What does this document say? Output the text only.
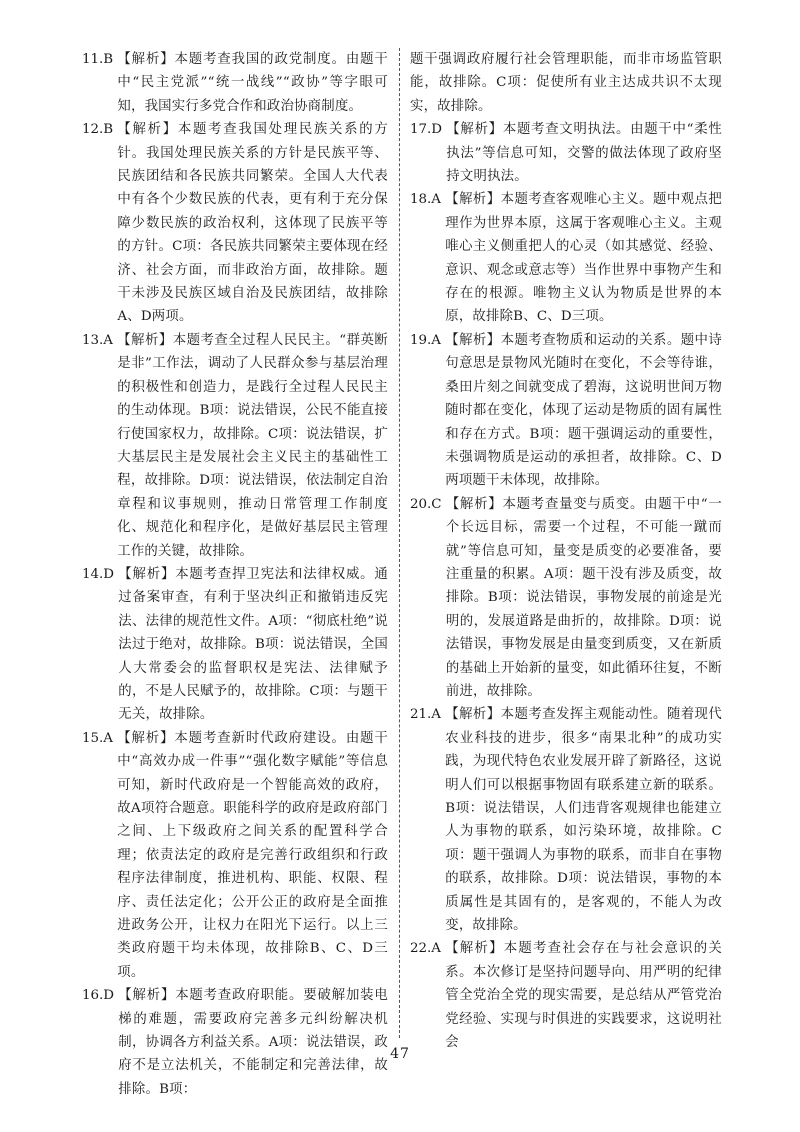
11.B 【解析】本题考查我国的政党制度。由题干中“民主党派”“统一战线”“政协”等字眼可知，我国实行多党合作和政治协商制度。
12.B 【解析】本题考查我国处理民族关系的方针。我国处理民族关系的方针是民族平等、民族团结和各民族共同繁荣。全国人大代表中有各个少数民族的代表，更有利于充分保障少数民族的政治权利，这体现了民族平等的方针。C项：各民族共同繁荣主要体现在经济、社会方面，而非政治方面，故排除。题干未涉及民族区域自治及民族团结，故排除A、D两项。
13.A 【解析】本题考查全过程人民民主。“群英断是非”工作法，调动了人民群众参与基层治理的积极性和创造力，是践行全过程人民民主的生动体现。B项：说法错误，公民不能直接行使国家权力，故排除。C项：说法错误，扩大基层民主是发展社会主义民主的基础性工程，故排除。D项：说法错误，依法制定自治章程和议事规则，推动日常管理工作制度化、规范化和程序化，是做好基层民主管理工作的关键，故排除。
14.D 【解析】本题考查捍卫宪法和法律权威。通过备案审查，有利于坚决纠正和撤销违反宪法、法律的规范性文件。A项：“彻底杜绝”说法过于绝对，故排除。B项：说法错误，全国人大常委会的监督职权是宪法、法律赋予的，不是人民赋予的，故排除。C项：与题干无关，故排除。
15.A 【解析】本题考查新时代政府建设。由题干中“高效办成一件事”“强化数字赋能”等信息可知，新时代政府是一个智能高效的政府，故A项符合题意。职能科学的政府是政府部门之间、上下级政府之间关系的配置科学合理；依责法定的政府是完善行政组织和行政程序法律制度，推进机构、职能、权限、程序、责任法定化；公开公正的政府是全面推进政务公开，让权力在阳光下运行。以上三类政府题干均未体现，故排除B、C、D三项。
16.D 【解析】本题考查政府职能。要破解加装电梯的难题，需要政府完善多元纠纷解决机制，协调各方利益关系。A项：说法错误，政府不是立法机关，不能制定和完善法律，故排除。B项：
题干强调政府履行社会管理职能，而非市场监管职能，故排除。C项：促使所有业主达成共识不太现实，故排除。
17.D 【解析】本题考查文明执法。由题干中“柔性执法”等信息可知，交警的做法体现了政府坚持文明执法。
18.A 【解析】本题考查客观唯心主义。题中观点把理作为世界本原，这属于客观唯心主义。主观唯心主义侧重把人的心灵（如其感觉、经验、意识、观念或意志等）当作世界中事物产生和存在的根源。唯物主义认为物质是世界的本原，故排除B、C、D三项。
19.A 【解析】本题考查物质和运动的关系。题中诗句意思是景物风光随时在变化，不会等待谁，桑田片刻之间就变成了碧海，这说明世间万物随时都在变化，体现了运动是物质的固有属性和存在方式。B项：题干强调运动的重要性，未强调物质是运动的承担者，故排除。C、D两项题干未体现，故排除。
20.C 【解析】本题考查量变与质变。由题干中“一个长远目标，需要一个过程，不可能一蹴而就”等信息可知，量变是质变的必要准备，要注重量的积累。A项：题干没有涉及质变，故排除。B项：说法错误，事物发展的前途是光明的，发展道路是曲折的，故排除。D项：说法错误，事物发展是由量变到质变，又在新质的基础上开始新的量变，如此循环往复，不断前进，故排除。
21.A 【解析】本题考查发挥主观能动性。随着现代农业科技的进步，很多“南果北种”的成功实践，为现代特色农业发展开辟了新路径，这说明人们可以根据事物固有联系建立新的联系。B项：说法错误，人们违背客观规律也能建立人为事物的联系，如污染环境，故排除。C项：题干强调人为事物的联系，而非自在事物的联系，故排除。D项：说法错误，事物的本质属性是其固有的，是客观的，不能人为改变，故排除。
22.A 【解析】本题考查社会存在与社会意识的关系。本次修订是坚持问题导向、用严明的纪律管全党治全党的现实需要，是总结从严管党治党经验、实现与时俱进的实践要求，这说明社会
47
